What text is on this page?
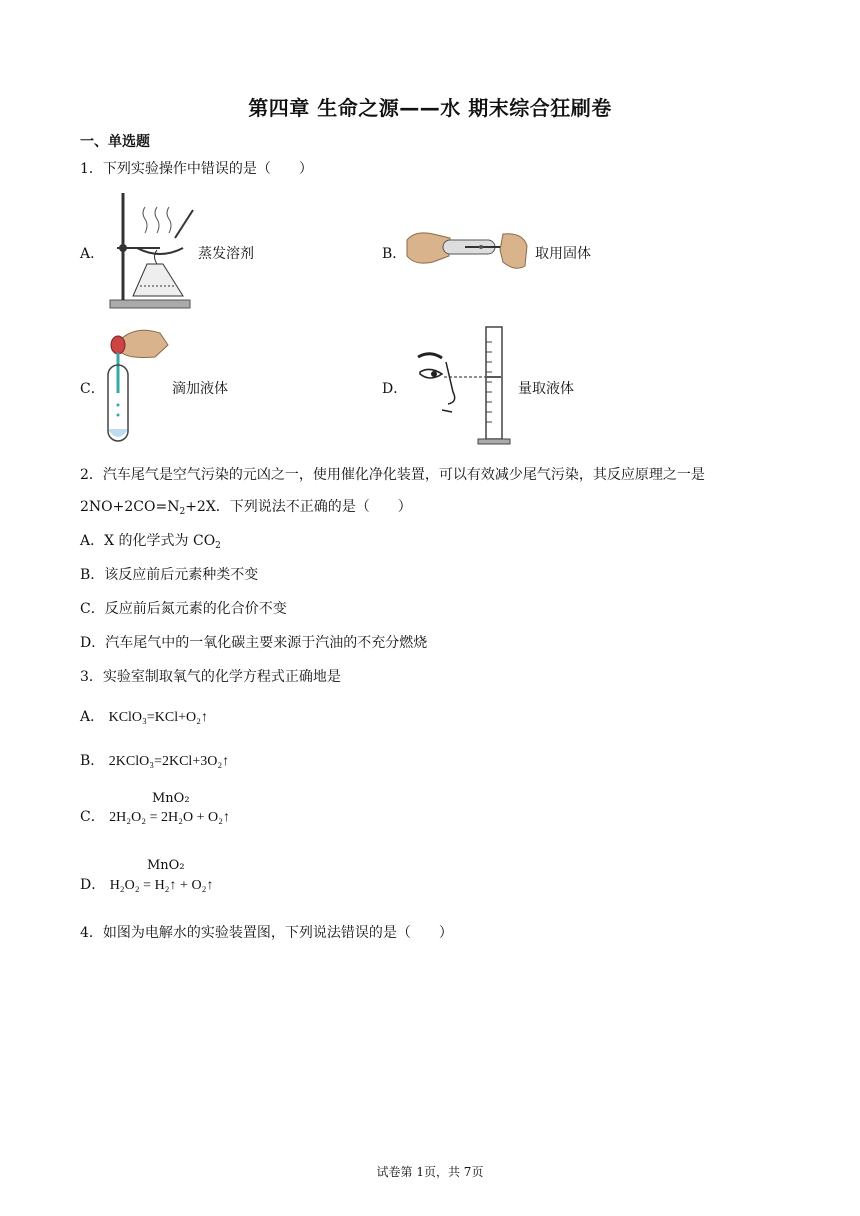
第四章 生命之源——水 期末综合狂刷卷
一、单选题
1．下列实验操作中错误的是（　　）
A．	蒸发溶剂	B．	取用固体
C．	滴加液体	D．	量取液体
2．汽车尾气是空气污染的元凶之一，使用催化净化装置，可以有效减少尾气污染，其反应原理之一是
$2NO+2CO=N_2+2X$．下列说法不正确的是（　　）
A．X 的化学式为 $CO_2$
B．该反应前后元素种类不变
C．反应前后氮元素的化合价不变
D．汽车尾气中的一氧化碳主要来源于汽油的不充分燃烧
3．实验室制取氧气的化学方程式正确地是
A． KClO₃=KCl+O₂↑
B． 2KClO₃=2KCl+3O₂↑
MnO₂
C． 2H₂O₂ = 2H₂O + O₂↑
MnO₂
D． H₂O₂ = H₂↑ + O₂↑
4．如图为电解水的实验装置图，下列说法错误的是（　　）
试卷第 1页，共 7页
